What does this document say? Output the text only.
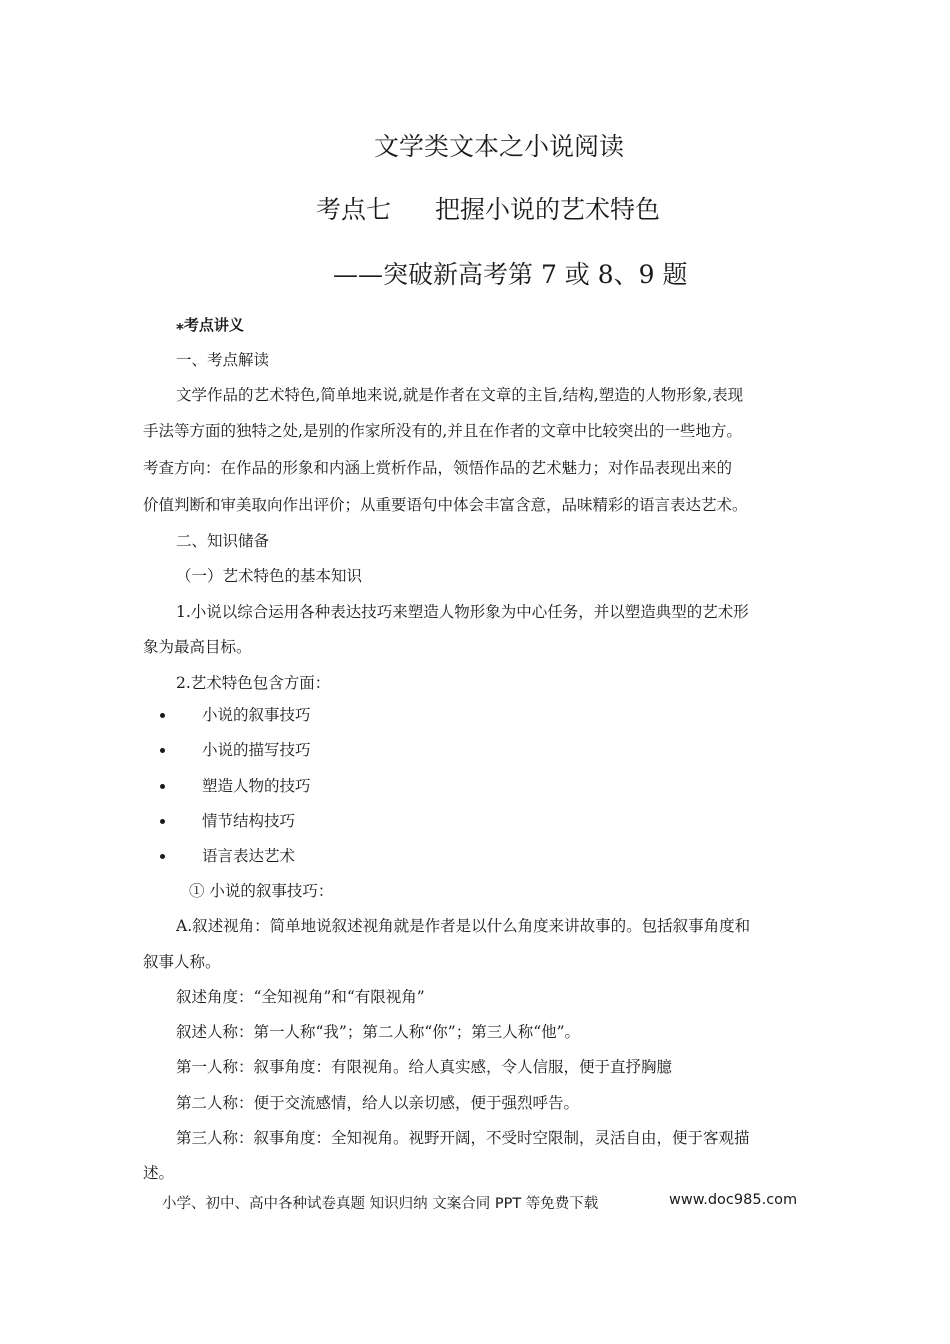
文学类文本之小说阅读
考点七 把握小说的艺术特色
——突破新高考第 7 或 8、9 题
⁎考点讲义
一、考点解读
文学作品的艺术特色,简单地来说,就是作者在文章的主旨,结构,塑造的人物形象,表现
手法等方面的独特之处,是别的作家所没有的,并且在作者的文章中比较突出的一些地方。
考查方向：在作品的形象和内涵上赏析作品，领悟作品的艺术魅力；对作品表现出来的
价值判断和审美取向作出评价；从重要语句中体会丰富含意，品味精彩的语言表达艺术。
二、知识储备
（一）艺术特色的基本知识
1.小说以综合运用各种表达技巧来塑造人物形象为中心任务，并以塑造典型的艺术形
象为最高目标。
2.艺术特色包含方面：
小说的叙事技巧
小说的描写技巧
塑造人物的技巧
情节结构技巧
语言表达艺术
① 小说的叙事技巧：
A.叙述视角：简单地说叙述视角就是作者是以什么角度来讲故事的。包括叙事角度和
叙事人称。
叙述角度：“全知视角”和“有限视角”
叙述人称：第一人称“我”；第二人称“你”；第三人称“他”。
第一人称：叙事角度：有限视角。给人真实感，令人信服，便于直抒胸臆
第二人称：便于交流感情，给人以亲切感，便于强烈呼告。
第三人称：叙事角度：全知视角。视野开阔，不受时空限制，灵活自由，便于客观描
述。
小学、初中、高中各种试卷真题 知识归纳 文案合同 PPT 等免费下载	www.doc985.com
